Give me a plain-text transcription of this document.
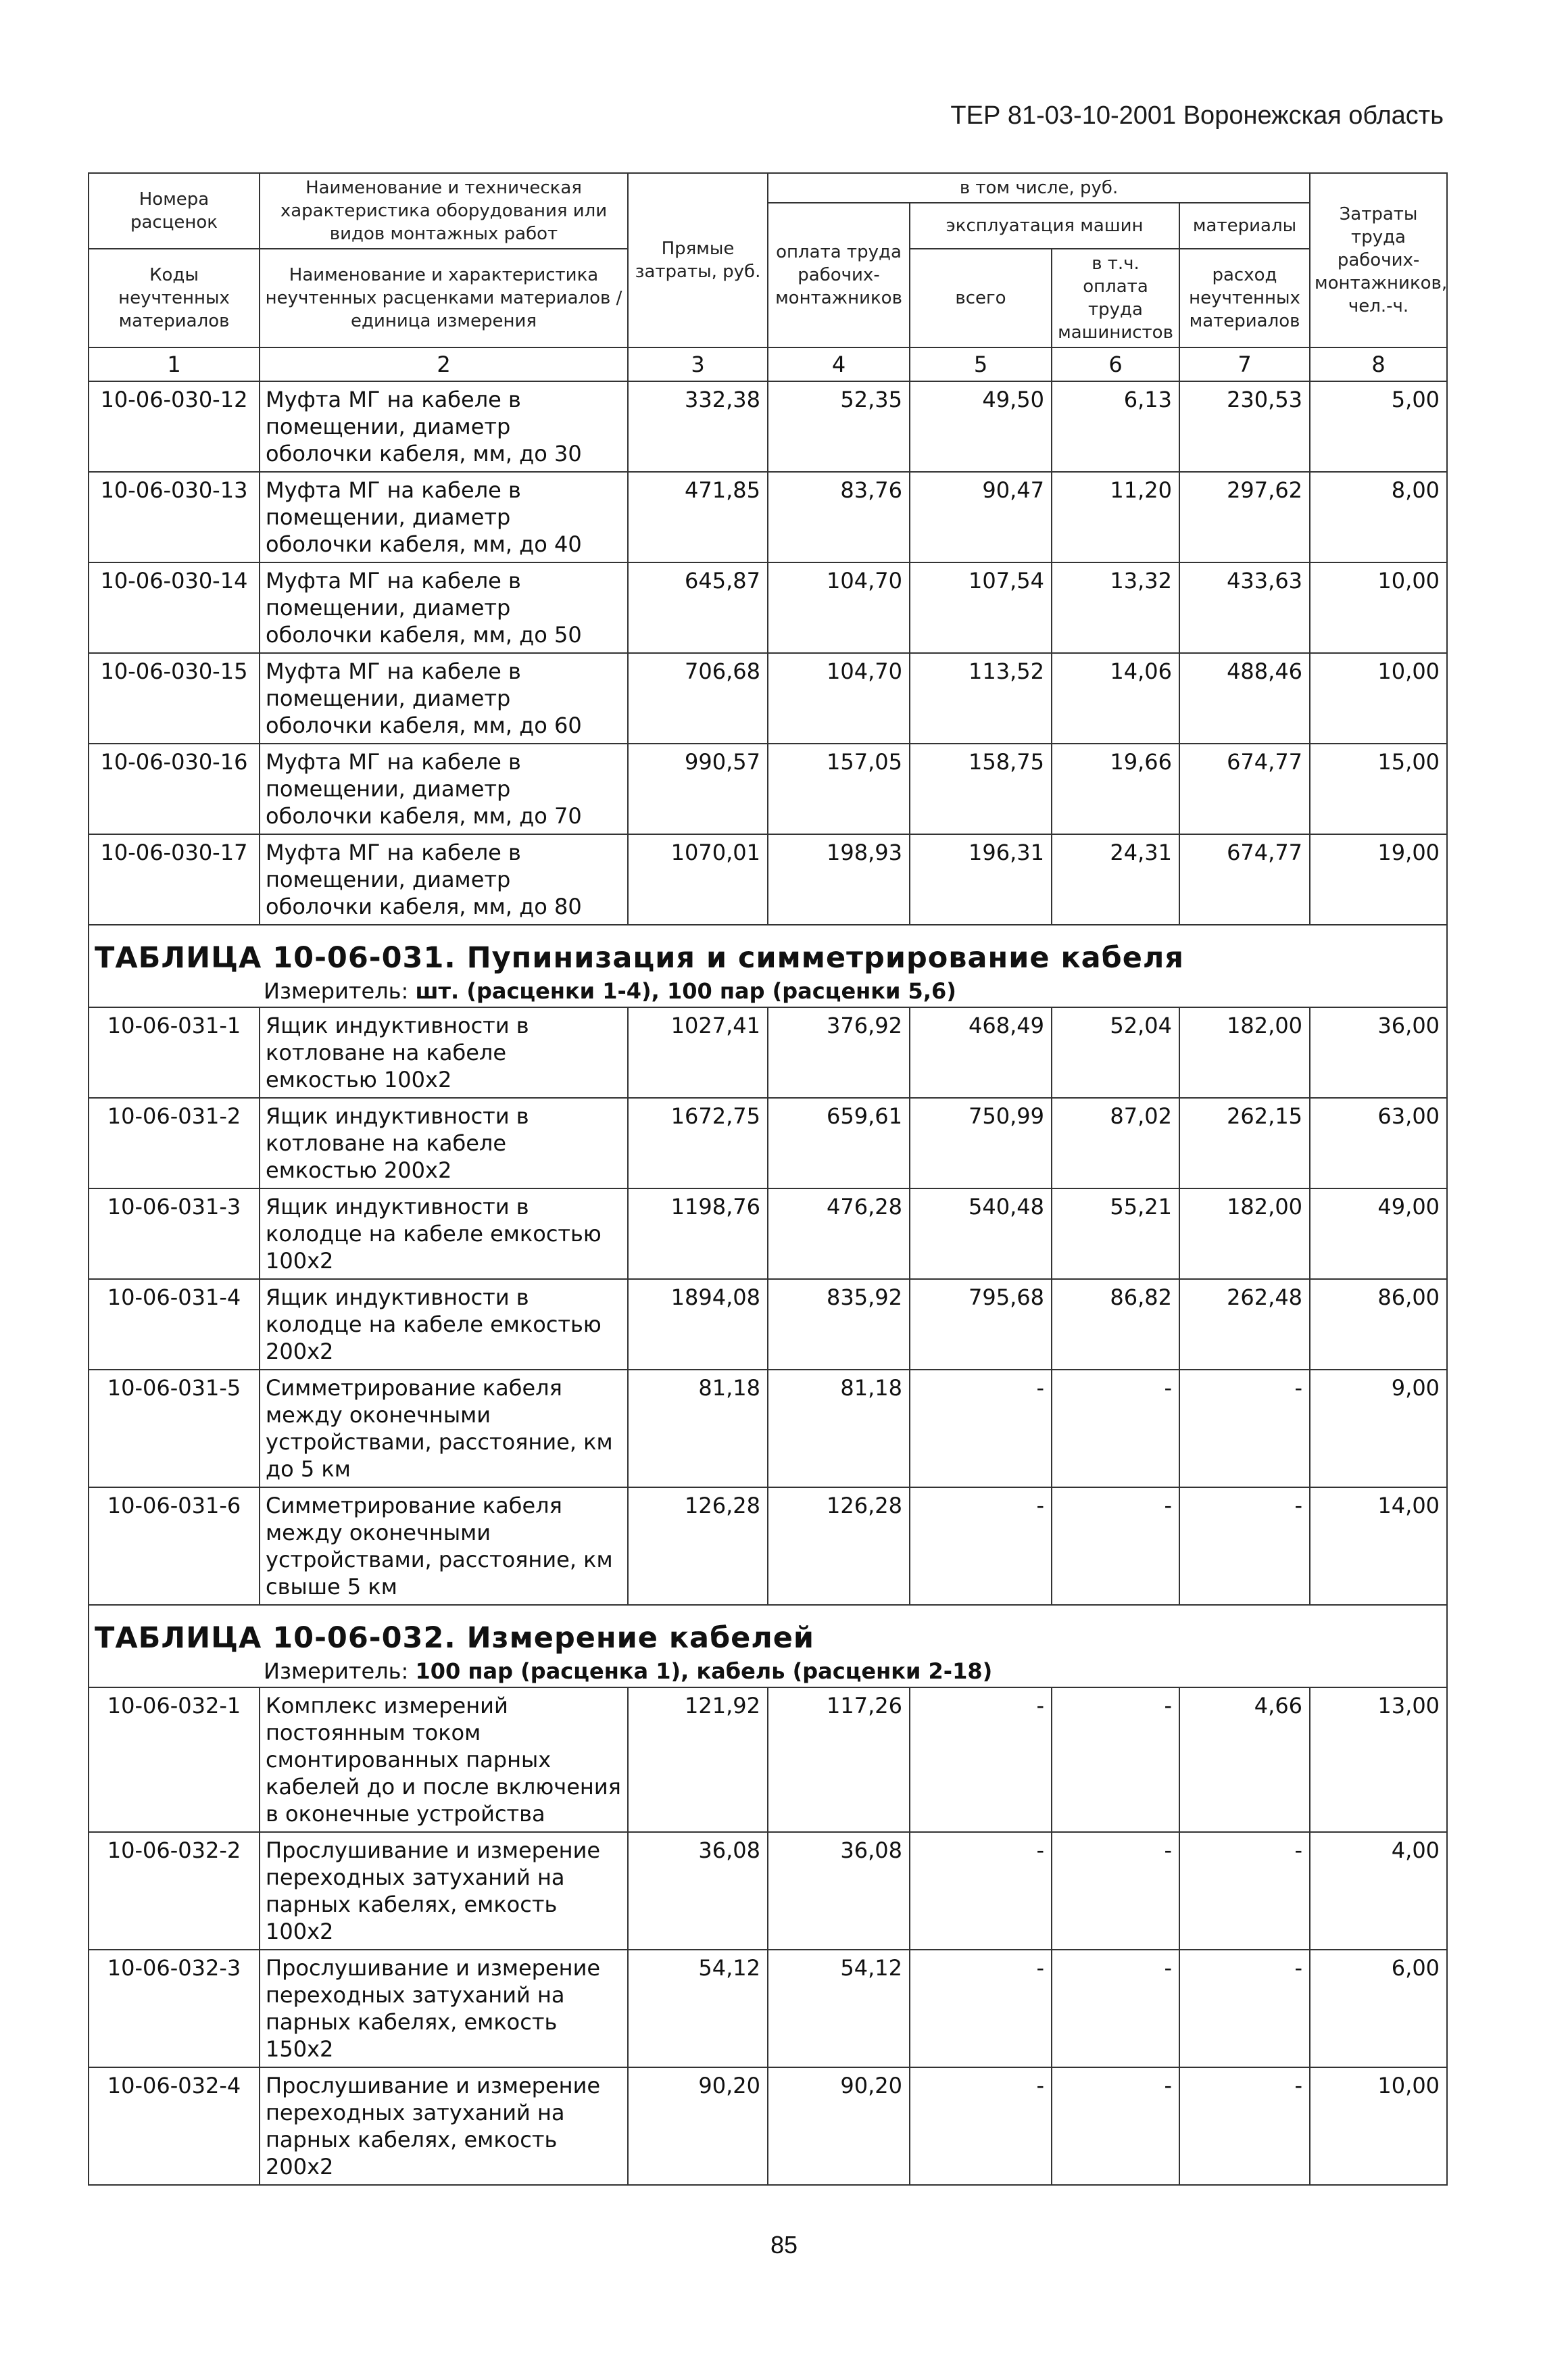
ТЕР 81-03-10-2001 Воронежская область
Номера расценок	Наименование и техническая характеристика оборудования или видов монтажных работ	Прямые затраты, руб.	в том числе, руб.				Затраты труда рабочих-монтажников, чел.-ч.
			оплата труда рабочих-монтажников	эксплуатация машин		материалы	
Коды неучтенных материалов	Наименование и характеристика неучтенных расценками материалов / единица измерения			всего	в т.ч. оплата труда машинистов	расход неучтенных материалов	

1	2	3	4	5	6	7	8
10-06-030-12	Муфта МГ на кабеле в помещении, диаметр оболочки кабеля, мм, до 30	332,38	52,35	49,50	6,13	230,53	5,00
10-06-030-13	Муфта МГ на кабеле в помещении, диаметр оболочки кабеля, мм, до 40	471,85	83,76	90,47	11,20	297,62	8,00
10-06-030-14	Муфта МГ на кабеле в помещении, диаметр оболочки кабеля, мм, до 50	645,87	104,70	107,54	13,32	433,63	10,00
10-06-030-15	Муфта МГ на кабеле в помещении, диаметр оболочки кабеля, мм, до 60	706,68	104,70	113,52	14,06	488,46	10,00
10-06-030-16	Муфта МГ на кабеле в помещении, диаметр оболочки кабеля, мм, до 70	990,57	157,05	158,75	19,66	674,77	15,00
10-06-030-17	Муфта МГ на кабеле в помещении, диаметр оболочки кабеля, мм, до 80	1070,01	198,93	196,31	24,31	674,77	19,00

ТАБЛИЦА 10-06-031. Пупинизация и симметрирование кабеля
Измеритель: шт. (расценки 1-4), 100 пар (расценки 5,6)							

10-06-031-1	Ящик индуктивности в котловане на кабеле емкостью 100x2	1027,41	376,92	468,49	52,04	182,00	36,00
10-06-031-2	Ящик индуктивности в котловане на кабеле емкостью 200x2	1672,75	659,61	750,99	87,02	262,15	63,00
10-06-031-3	Ящик индуктивности в колодце на кабеле емкостью 100x2	1198,76	476,28	540,48	55,21	182,00	49,00
10-06-031-4	Ящик индуктивности в колодце на кабеле емкостью 200x2	1894,08	835,92	795,68	86,82	262,48	86,00
10-06-031-5	Симметрирование кабеля между оконечными устройствами, расстояние, км до 5 км	81,18	81,18	-	-	-	9,00
10-06-031-6	Симметрирование кабеля между оконечными устройствами, расстояние, км свыше 5 км	126,28	126,28	-	-	-	14,00

ТАБЛИЦА 10-06-032. Измерение кабелей
Измеритель: 100 пар (расценка 1), кабель (расценки 2-18)							

10-06-032-1	Комплекс измерений постоянным током смонтированных парных кабелей до и после включения в оконечные устройства	121,92	117,26	-	-	4,66	13,00
10-06-032-2	Прослушивание и измерение переходных затуханий на парных кабелях, емкость 100x2	36,08	36,08	-	-	-	4,00
10-06-032-3	Прослушивание и измерение переходных затуханий на парных кабелях, емкость 150x2	54,12	54,12	-	-	-	6,00
10-06-032-4	Прослушивание и измерение переходных затуханий на парных кабелях, емкость 200x2	90,20	90,20	-	-	-	10,00
85
